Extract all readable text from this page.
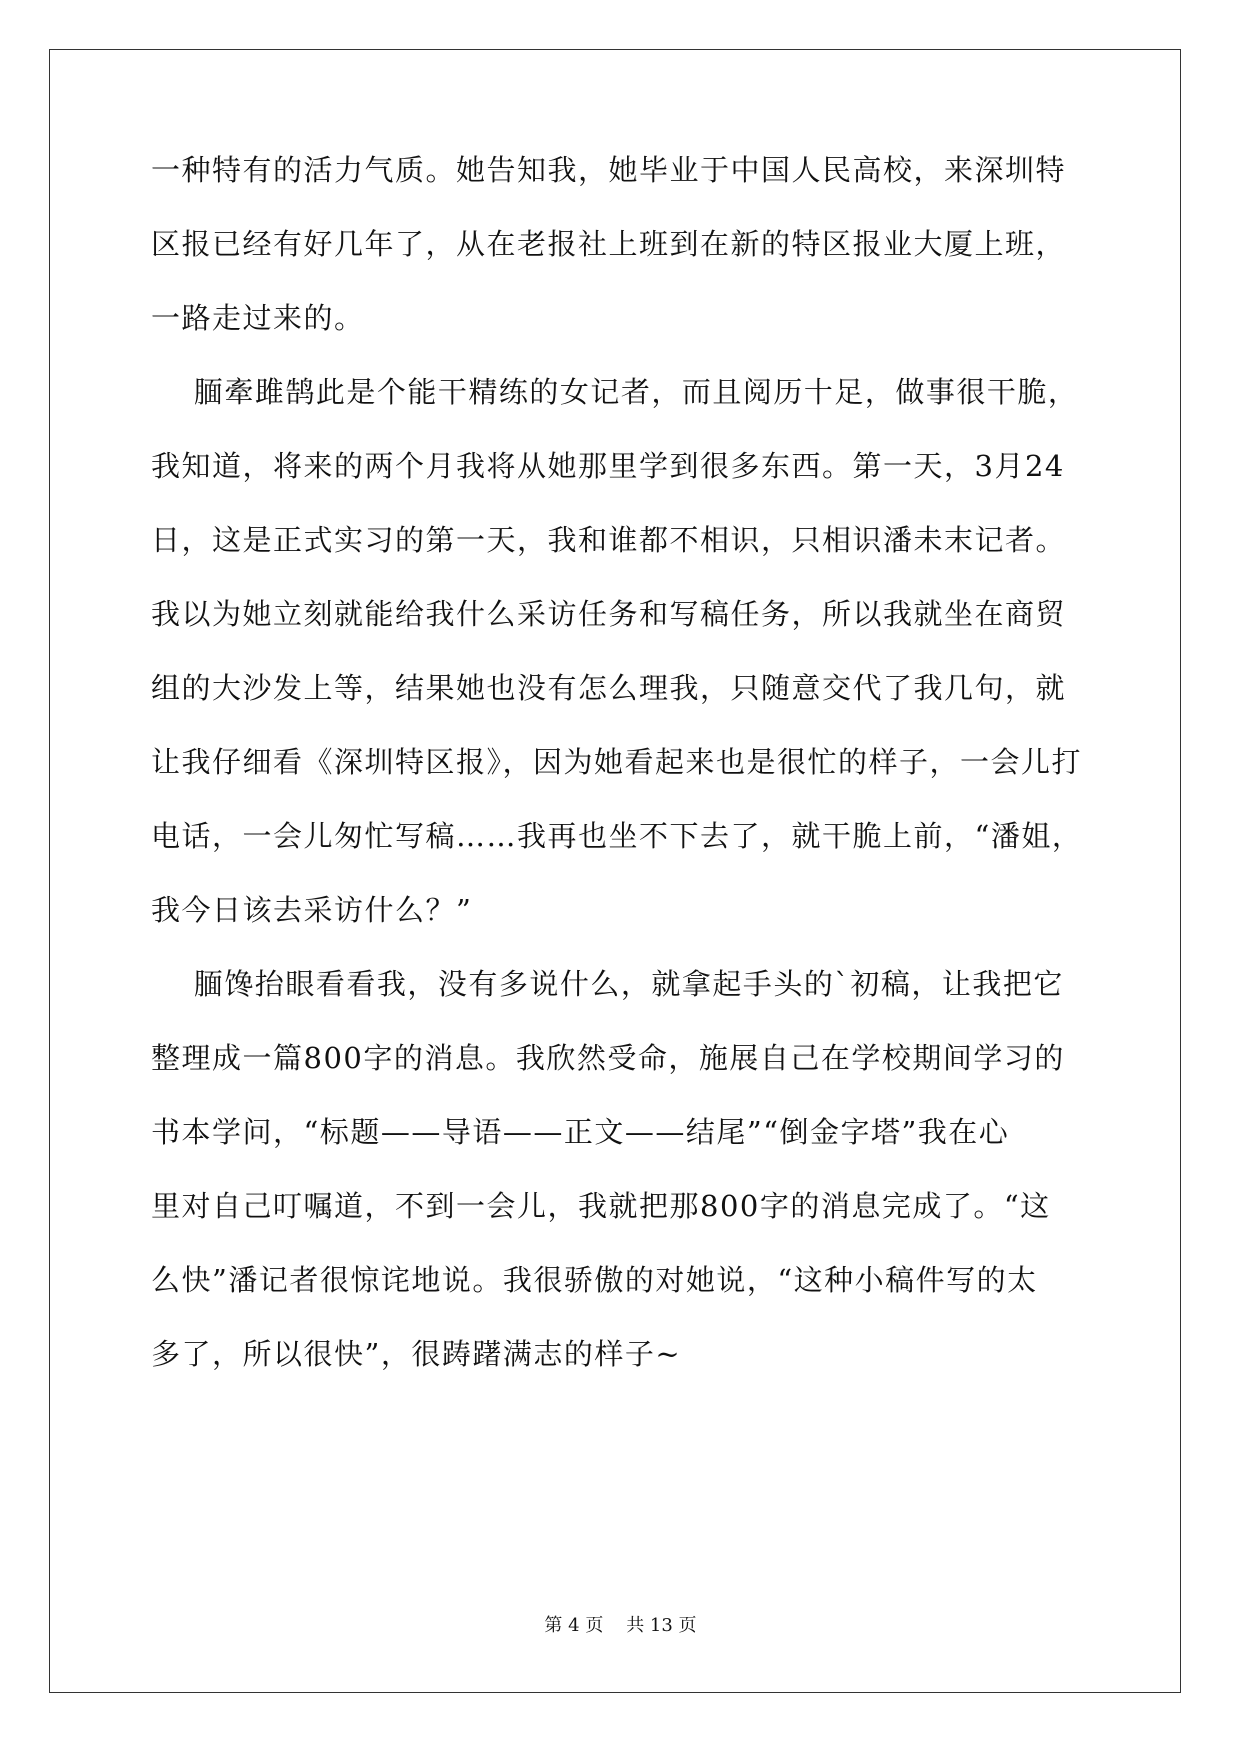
一种特有的活力气质。她告知我，她毕业于中国人民高校，来深圳特
区报已经有好几年了，从在老报社上班到在新的特区报业大厦上班，
一路走过来的。
腼牽雎鹄此是个能干精练的女记者，而且阅历十足，做事很干脆，
我知道，将来的两个月我将从她那里学到很多东西。第一天，3月24
日，这是正式实习的第一天，我和谁都不相识，只相识潘未末记者。
我以为她立刻就能给我什么采访任务和写稿任务，所以我就坐在商贸
组的大沙发上等，结果她也没有怎么理我，只随意交代了我几句，就
让我仔细看《深圳特区报》，因为她看起来也是很忙的样子，一会儿打
电话，一会儿匆忙写稿……我再也坐不下去了，就干脆上前，“潘姐，
我今日该去采访什么？”
腼馋抬眼看看我，没有多说什么，就拿起手头的`初稿，让我把它
整理成一篇800字的消息。我欣然受命，施展自己在学校期间学习的
书本学问，“标题——导语——正文——结尾”“倒金字塔”我在心
里对自己叮嘱道，不到一会儿，我就把那800字的消息完成了。“这
么快”潘记者很惊诧地说。我很骄傲的对她说，“这种小稿件写的太
多了，所以很快”，很踌躇满志的样子~
第 4 页    共 13 页
